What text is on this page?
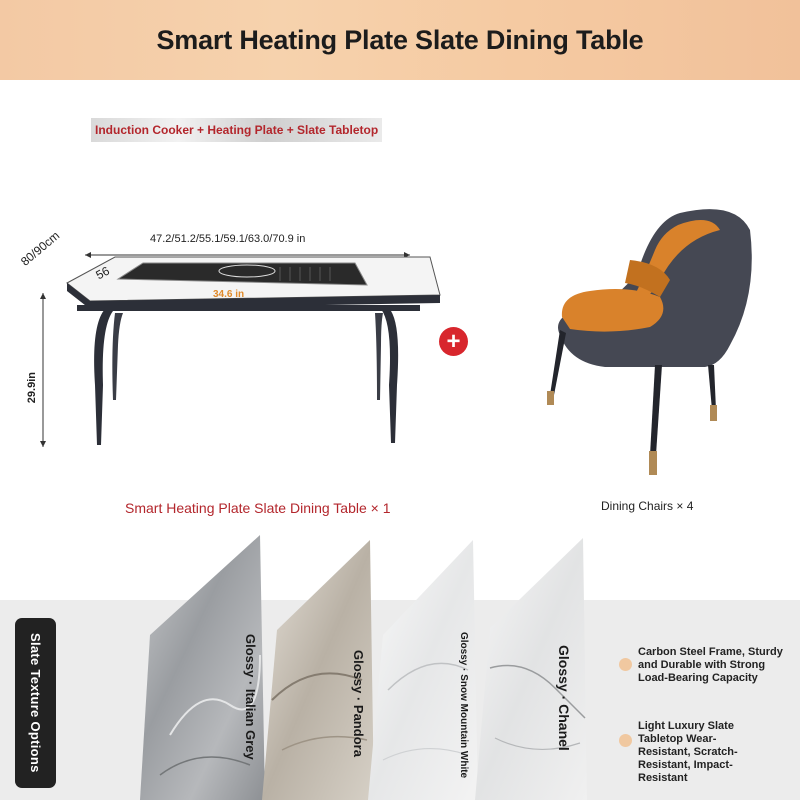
Smart Heating Plate Slate Dining Table
Induction Cooker + Heating Plate + Slate Tabletop
47.2/51.2/55.1/59.1/63.0/70.9 in
80/90cm
56
34.6 in
29.9in
+
Smart Heating Plate Slate Dining Table × 1	Dining Chairs × 4
Slate Texture Options	Glossy · Italian Grey	Glossy · Pandora	Glossy · Snow Mountain White	Glossy · Chanel	Carbon Steel Frame, Sturdy and Durable with Strong Load-Bearing Capacity
Light Luxury Slate Tabletop Wear-Resistant, Scratch-Resistant, Impact-Resistant
